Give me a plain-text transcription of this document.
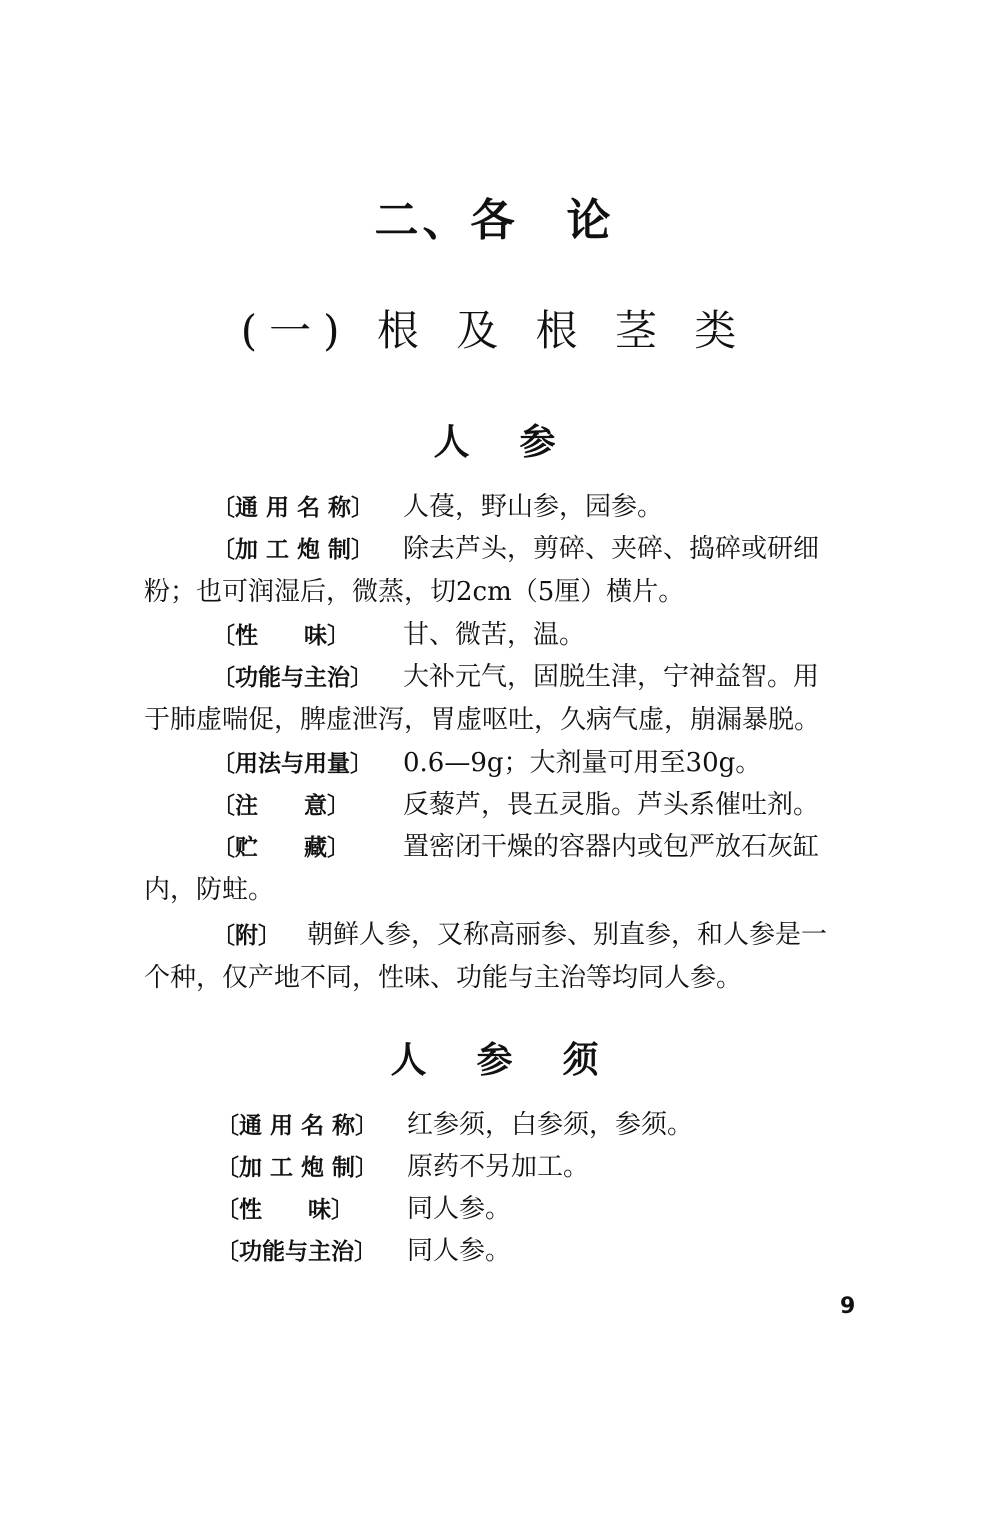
二、各 论
(一) 根 及 根 茎 类
人 参
〔通 用 名 称〕 人葠，野山参，园参。
〔加 工 炮 制〕 除去芦头，剪碎、夹碎、捣碎或研细
粉；也可润湿后，微蒸，切2cm（5厘）横片。
〔性　　味〕 甘、微苦，温。
〔功能与主治〕 大补元气，固脱生津，宁神益智。用
于肺虚喘促，脾虚泄泻，胃虚呕吐，久病气虚，崩漏暴脱。
〔用法与用量〕 0.6—9g；大剂量可用至30g。
〔注　　意〕 反藜芦，畏五灵脂。芦头系催吐剂。
〔贮　　藏〕 置密闭干燥的容器内或包严放石灰缸
内，防蛀。
〔附〕 朝鲜人参，又称高丽参、别直参，和人参是一
个种，仅产地不同，性味、功能与主治等均同人参。
人 参 须
〔通 用 名 称〕 红参须，白参须，参须。
〔加 工 炮 制〕 原药不另加工。
〔性　　味〕 同人参。
〔功能与主治〕 同人参。
9
